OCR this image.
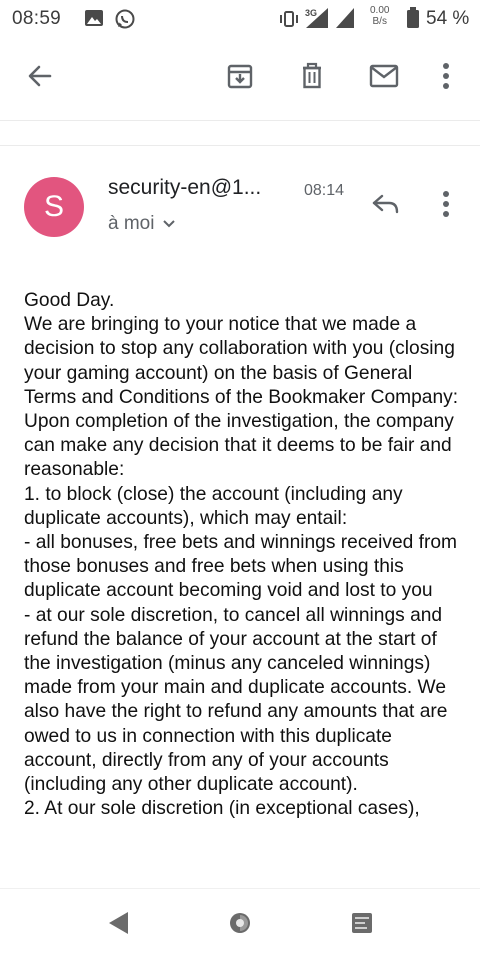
08:59	3G	0.00
B/s 54 %
S
security-en@1...	08:14
à moi

Good Day.

We are bringing to your notice that we made a decision to stop any collaboration with you (closing your gaming account) on the basis of General Terms and Conditions of the Bookmaker Company:

Upon completion of the investigation, the company can make any decision that it deems to be fair and reasonable:

1. to block (close) the account (including any duplicate accounts), which may entail:

- all bonuses, free bets and winnings received from those bonuses and free bets when using this duplicate account becoming void and lost to you

- at our sole discretion, to cancel all winnings and refund the balance of your account at the start of the investigation (minus any canceled winnings) made from your main and duplicate accounts. We also have the right to refund any amounts that are owed to us in connection with this duplicate account, directly from any of your accounts (including any other duplicate account).

2. At our sole discretion (in exceptional cases),
